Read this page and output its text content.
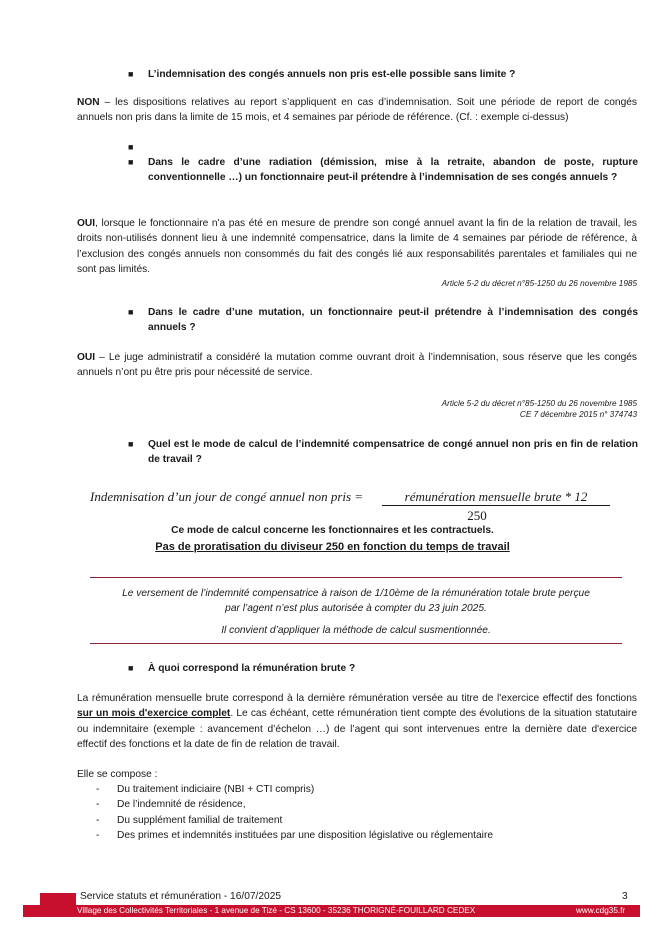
■	L’indemnisation des congés annuels non pris est-elle possible sans limite ?
NON – les dispositions relatives au report s’appliquent en cas d’indemnisation. Soit une période de report de congés annuels non pris dans la limite de 15 mois, et 4 semaines par période de référence. (Cf. : exemple ci-dessus)
■
■	Dans le cadre d’une radiation (démission, mise à la retraite, abandon de poste, rupture conventionnelle …) un fonctionnaire peut-il prétendre à l’indemnisation de ses congés annuels ?
OUI, lorsque le fonctionnaire n'a pas été en mesure de prendre son congé annuel avant la fin de la relation de travail, les droits non-utilisés donnent lieu à une indemnité compensatrice, dans la limite de 4 semaines par période de référence, à l’exclusion des congés annuels non consommés du fait des congés lié aux responsabilités parentales et familiales qui ne sont pas limités.
Article 5-2 du décret n°85-1250 du 26 novembre 1985
■	Dans le cadre d’une mutation, un fonctionnaire peut-il prétendre à l’indemnisation des congés annuels ?
OUI – Le juge administratif a considéré la mutation comme ouvrant droit à l’indemnisation, sous réserve que les congés annuels n’ont pu être pris pour nécessité de service.
Article 5-2 du décret n°85-1250 du 26 novembre 1985
CE 7 décembre 2015 n° 374743
■	Quel est le mode de calcul de l’indemnité compensatrice de congé annuel non pris en fin de relation de travail ?
Indemnisation d’un jour de congé annuel non pris =	rémunération mensuelle brute * 12
250
Ce mode de calcul concerne les fonctionnaires et les contractuels.
Pas de proratisation du diviseur 250 en fonction du temps de travail
Le versement de l’indemnité compensatrice à raison de 1/10ème de la rémunération totale brute perçue
par l’agent n’est plus autorisée à compter du 23 juin 2025.
Il convient d’appliquer la méthode de calcul susmentionnée.
■	À quoi correspond la rémunération brute ?
La rémunération mensuelle brute correspond à la dernière rémunération versée au titre de l'exercice effectif des fonctions sur un mois d'exercice complet. Le cas échéant, cette rémunération tient compte des évolutions de la situation statutaire ou indemnitaire (exemple : avancement d’échelon …) de l’agent qui sont intervenues entre la dernière date d'exercice effectif des fonctions et la date de fin de relation de travail.
Elle se compose :
- Du traitement indiciaire (NBI + CTI compris)
- De l’indemnité de résidence,
- Du supplément familial de traitement
- Des primes et indemnités instituées par une disposition législative ou réglementaire
Service statuts et rémunération - 16/07/2025	3
Village des Collectivités Territoriales - 1 avenue de Tizé - CS 13600 - 35236 THORIGNÉ-FOUILLARD CEDEX	www.cdg35.fr
